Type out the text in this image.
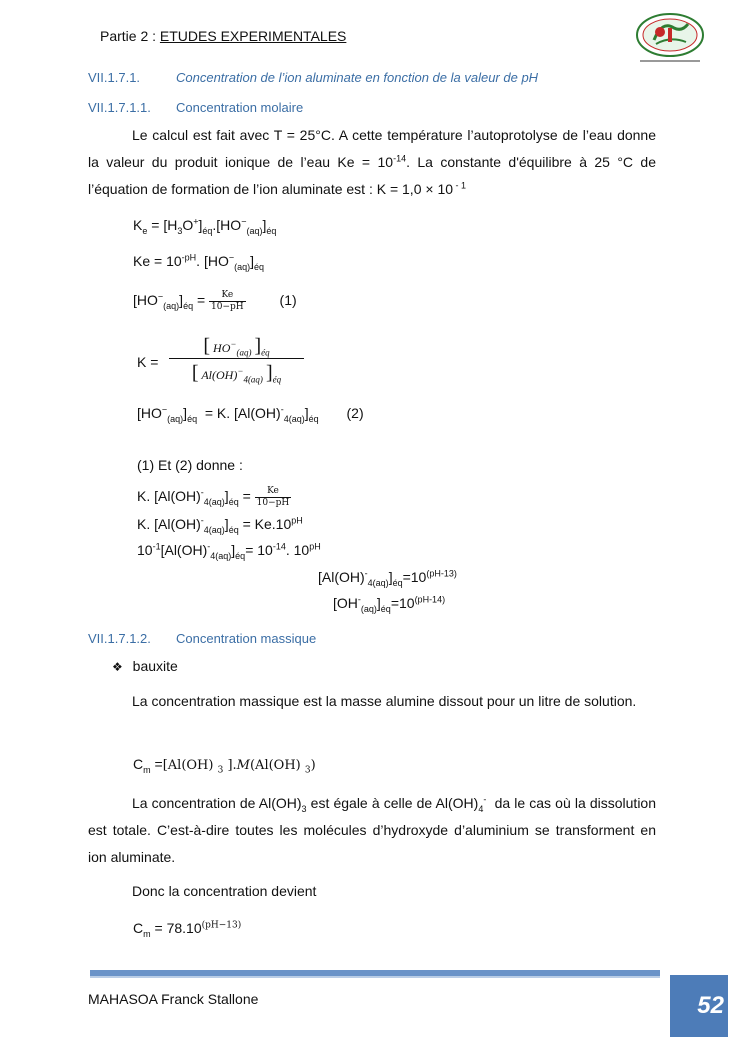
Partie 2 : ETUDES EXPERIMENTALES
VII.1.7.1.	Concentration de l’ion aluminate en fonction de la valeur de pH
VII.1.7.1.1. Concentration molaire
Le calcul est fait avec T = 25°C. A cette température l’autoprotolyse de l’eau donne la valeur du produit ionique de l’eau $Ke = 10^{-14}$. La constante d'équilibre à 25 °C de l’équation de formation de l’ion aluminate est : K = 1,0 × 10 $^{- 1}$
$K_e = [H_3O^+]_{éq}.[HO^-_{(aq)}]_{éq}$
$Ke = 10^{-pH}$. $[HO^-_{(aq)}]_{éq}$
$[HO^-_{(aq)}]_{éq} = \frac{Ke}{10-pH} (1)$
$K = \frac{[ HO^-_{(aq)} ]_{éq}}{[ Al(OH)^-_{4(aq)} ]_{éq}}$
$[HO^-_{(aq)}]_{éq} = K$. $[Al(OH)^-_{4(aq)}]_{éq}$ (2)
(1) Et (2) donne :
K. $[Al(OH)^-_{4(aq)}]_{éq} = \frac{Ke}{10-pH}$
K. $[Al(OH)^-_{4(aq)}]_{éq} = Ke.10^{pH}$
$10^{-1}[Al(OH)^-_{4(aq)}]_{éq}= 10^{-14}$. $10^{pH}$
$[Al(OH)^-_{4(aq)}]_{éq}=10^{(pH-13)}$
$[OH^-_{(aq)}]_{éq}=10^{(pH-14)}$
VII.1.7.1.2. Concentration massique
❖ bauxite
La concentration massique est la masse alumine dissout pour un litre de solution.
$C_m =[Al(OH)$ $_3$ ].M(Al(OH) $_3$)
La concentration de $Al(OH)_3$ est égale à celle de $Al(OH)_4^-$  da le cas où la dissolution est totale. C’est-à-dire toutes les molécules d’hydroxyde d’aluminium se transforment en ion aluminate.
Donc la concentration devient
$C_m = 78.10^{(pH-13)}$
MAHASOA Franck Stallone	52
